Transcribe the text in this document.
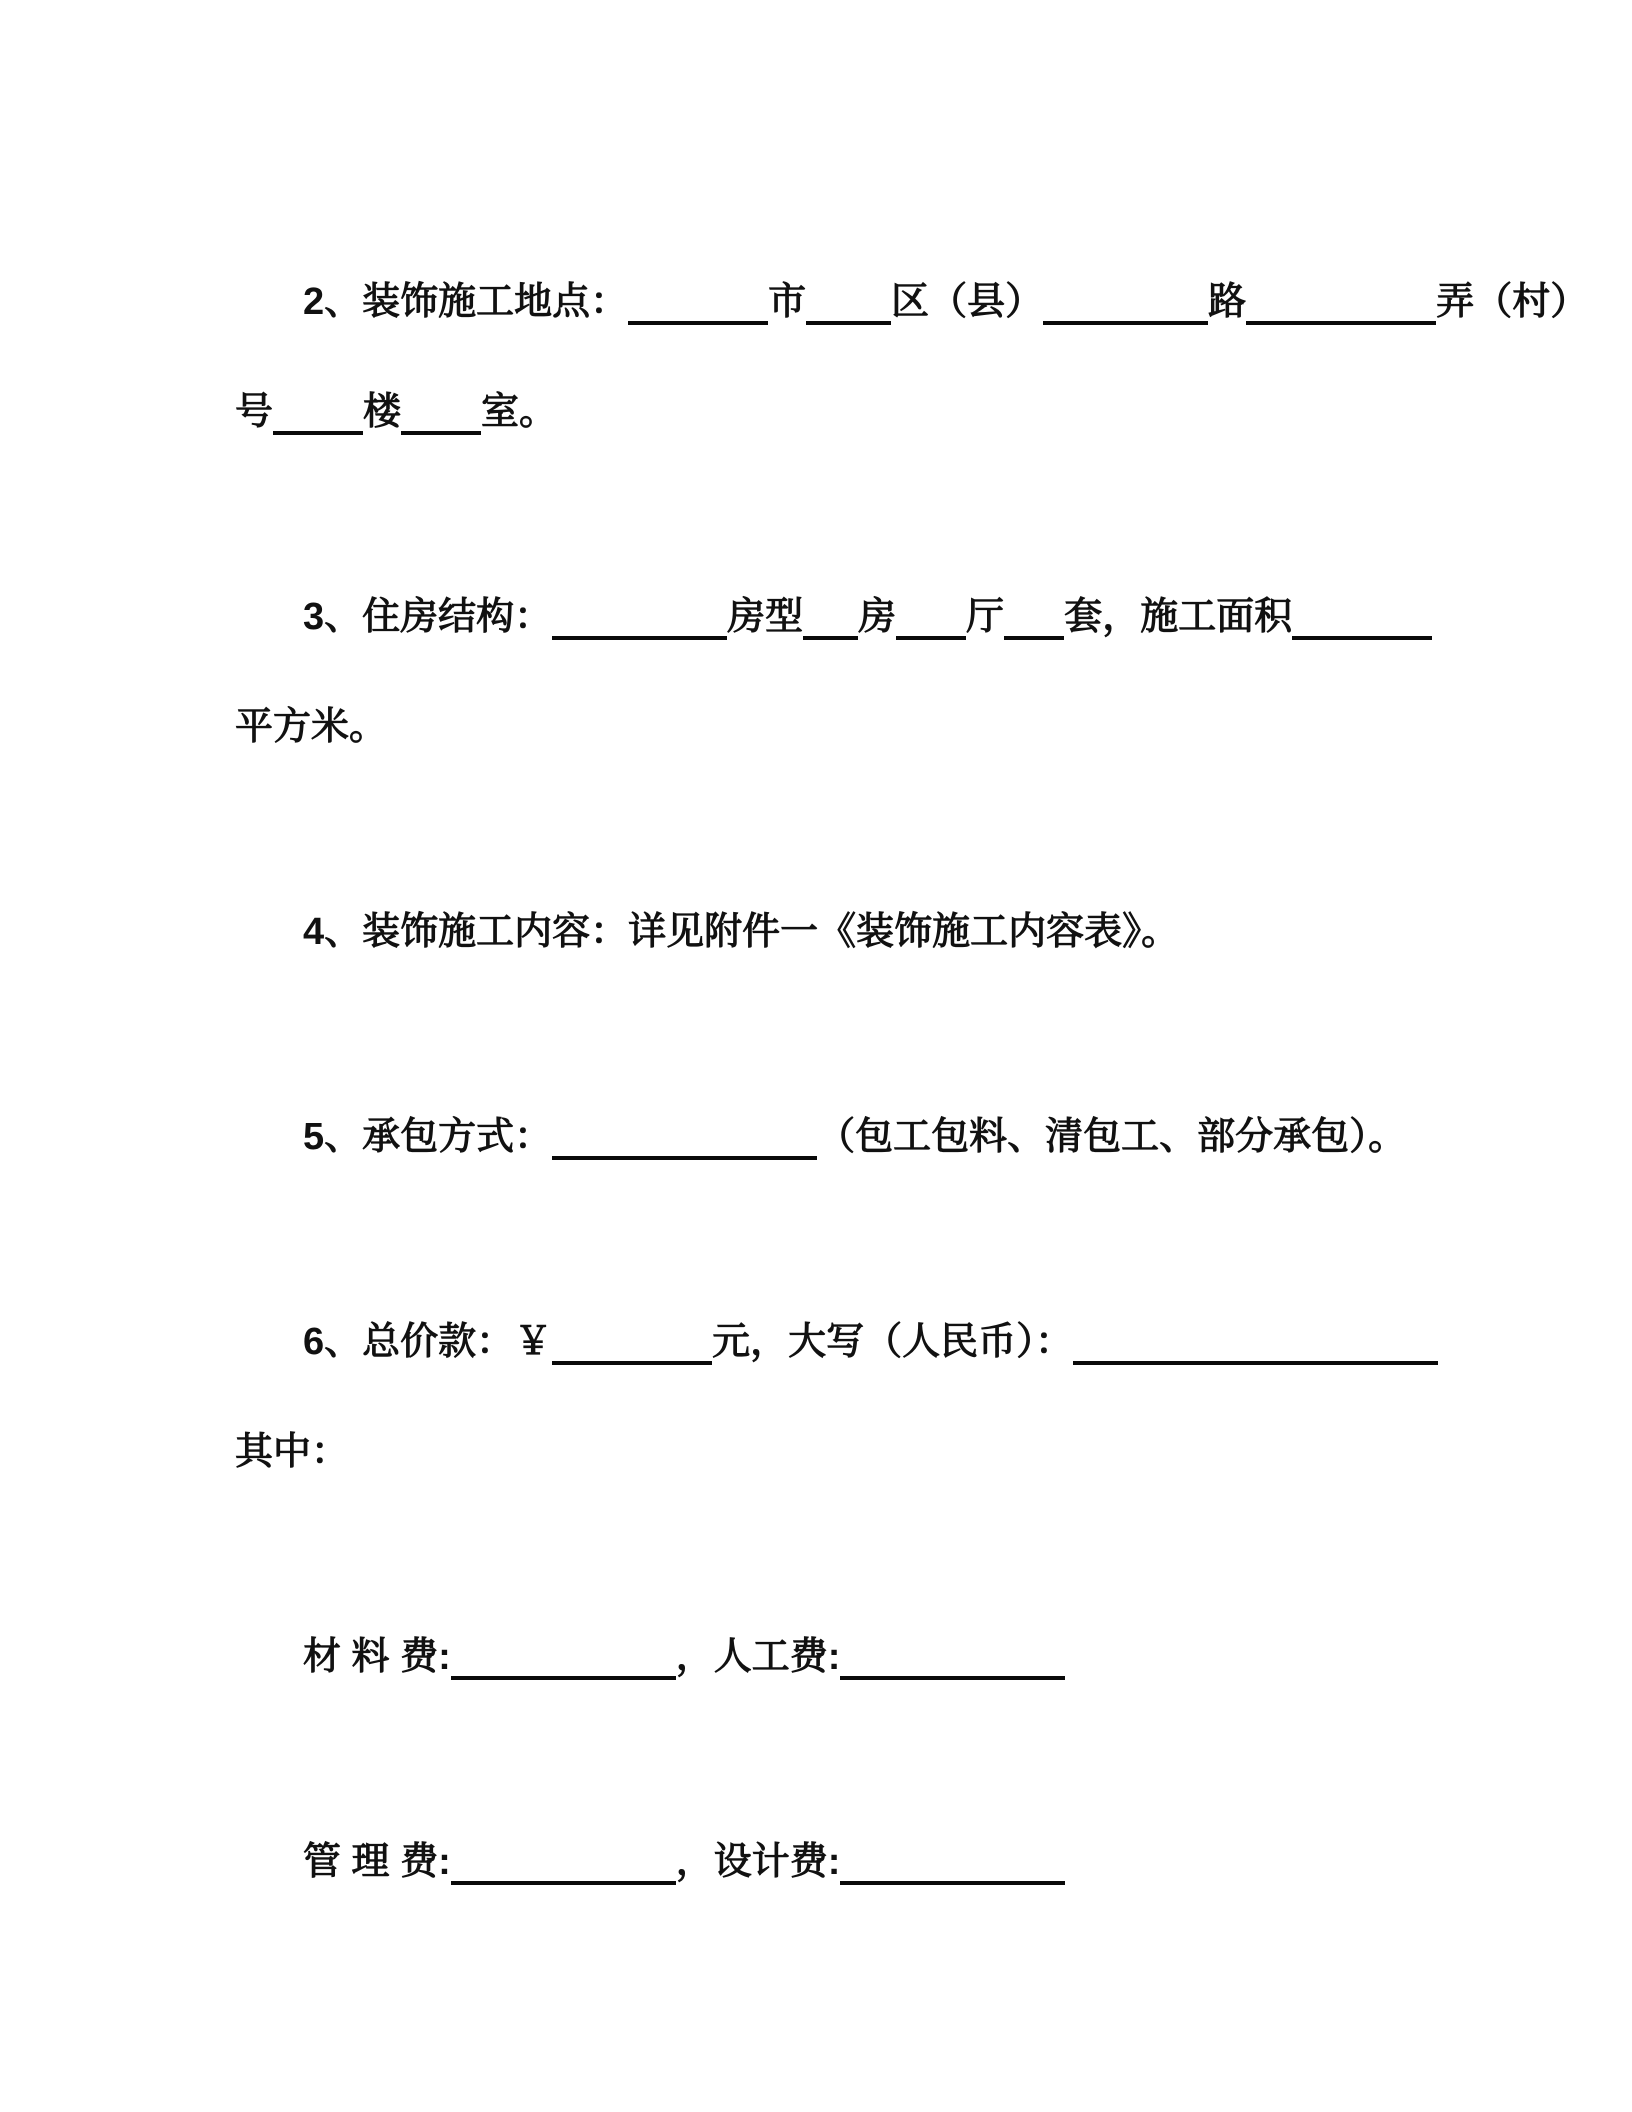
2、装饰施工地点：	市 区（县）	路	弄（村）
号 楼 室。
3、住房结构：	房型 房 厅 套，施工面积
平方米。
4、装饰施工内容：详见附件一《装饰施工内容表》。
5、承包方式：	（包工包料、清包工、部分承包）。
6、总价款：￥	元，大写（人民币）：
其中：
材 料 费:	，人工费:
管 理 费:	，设计费:
